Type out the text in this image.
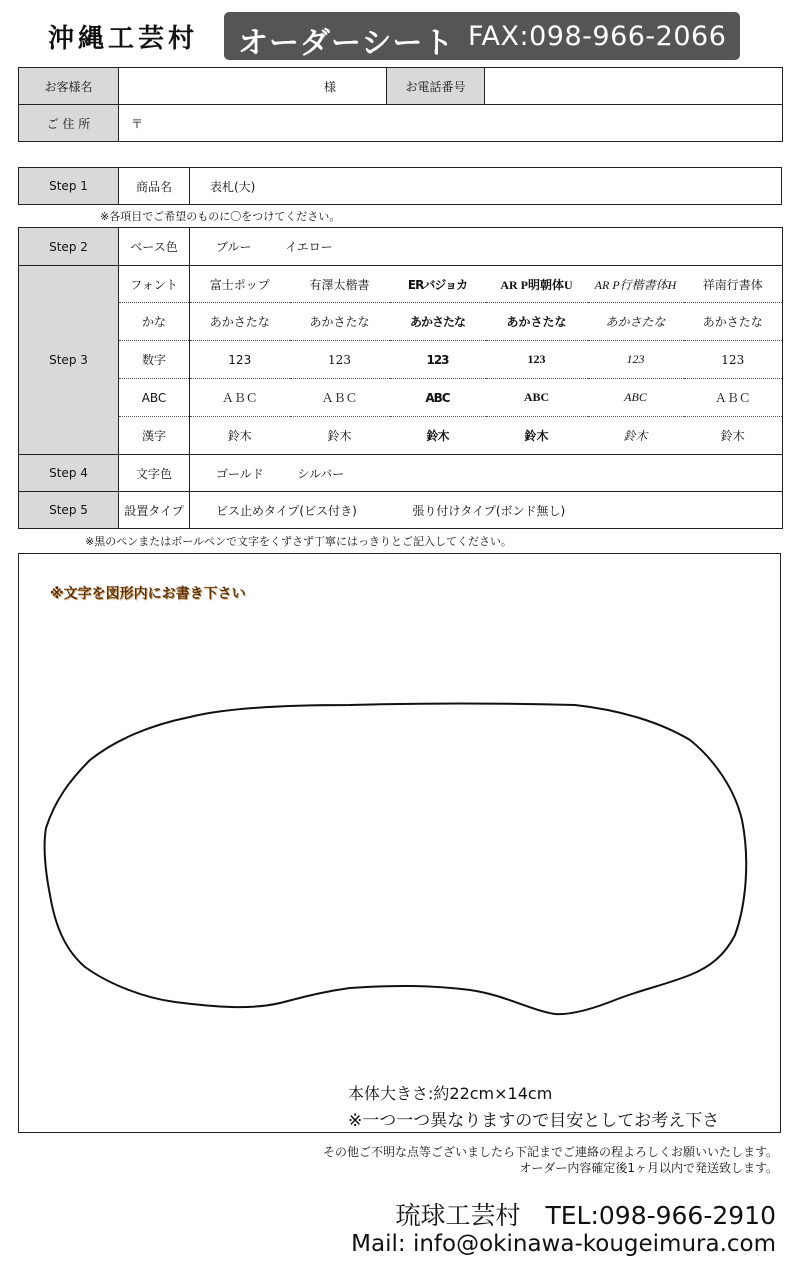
沖縄工芸村 オーダーシート FAX:098-966-2066
お客様名	様	お電話番号	
ご 住 所	〒		
Step 1	商品名	表札(大)
※各項目でご希望のものに〇をつけてください。
Step 2	ベース色	ブルー イエロー					
Step 3	フォント	富士ポップ	有澤太楷書	ERバジョカ	AR P明朝体U	AR P行楷書体H	祥南行書体
	かな	あかさたな	あかさたな	あかさたな	あかさたな	あかさたな	あかさたな
	数字	123	123	123	123	123	123
	ABC	ＡＢＣ	ＡＢＣ	ABC	ABC	ABC	ＡＢＣ
	漢字	鈴木	鈴木	鈴木	鈴木	鈴木	鈴木
Step 4	文字色	ゴールド シルバー					
Step 5	設置タイプ	ビス止めタイプ(ビス付き) 張り付けタイプ(ボンド無し)					
※黒のペンまたはボールペンで文字をくずさず丁寧にはっきりとご記入してください。
※文字を図形内にお書き下さい
本体大きさ:約22cm×14cm
※一つ一つ異なりますので目安としてお考え下さ
その他ご不明な点等ございましたら下記までご連絡の程よろしくお願いいたします。
オーダー内容確定後1ヶ月以内で発送致します。
琉球工芸村　TEL:098-966-2910
Mail: info@okinawa-kougeimura.com
